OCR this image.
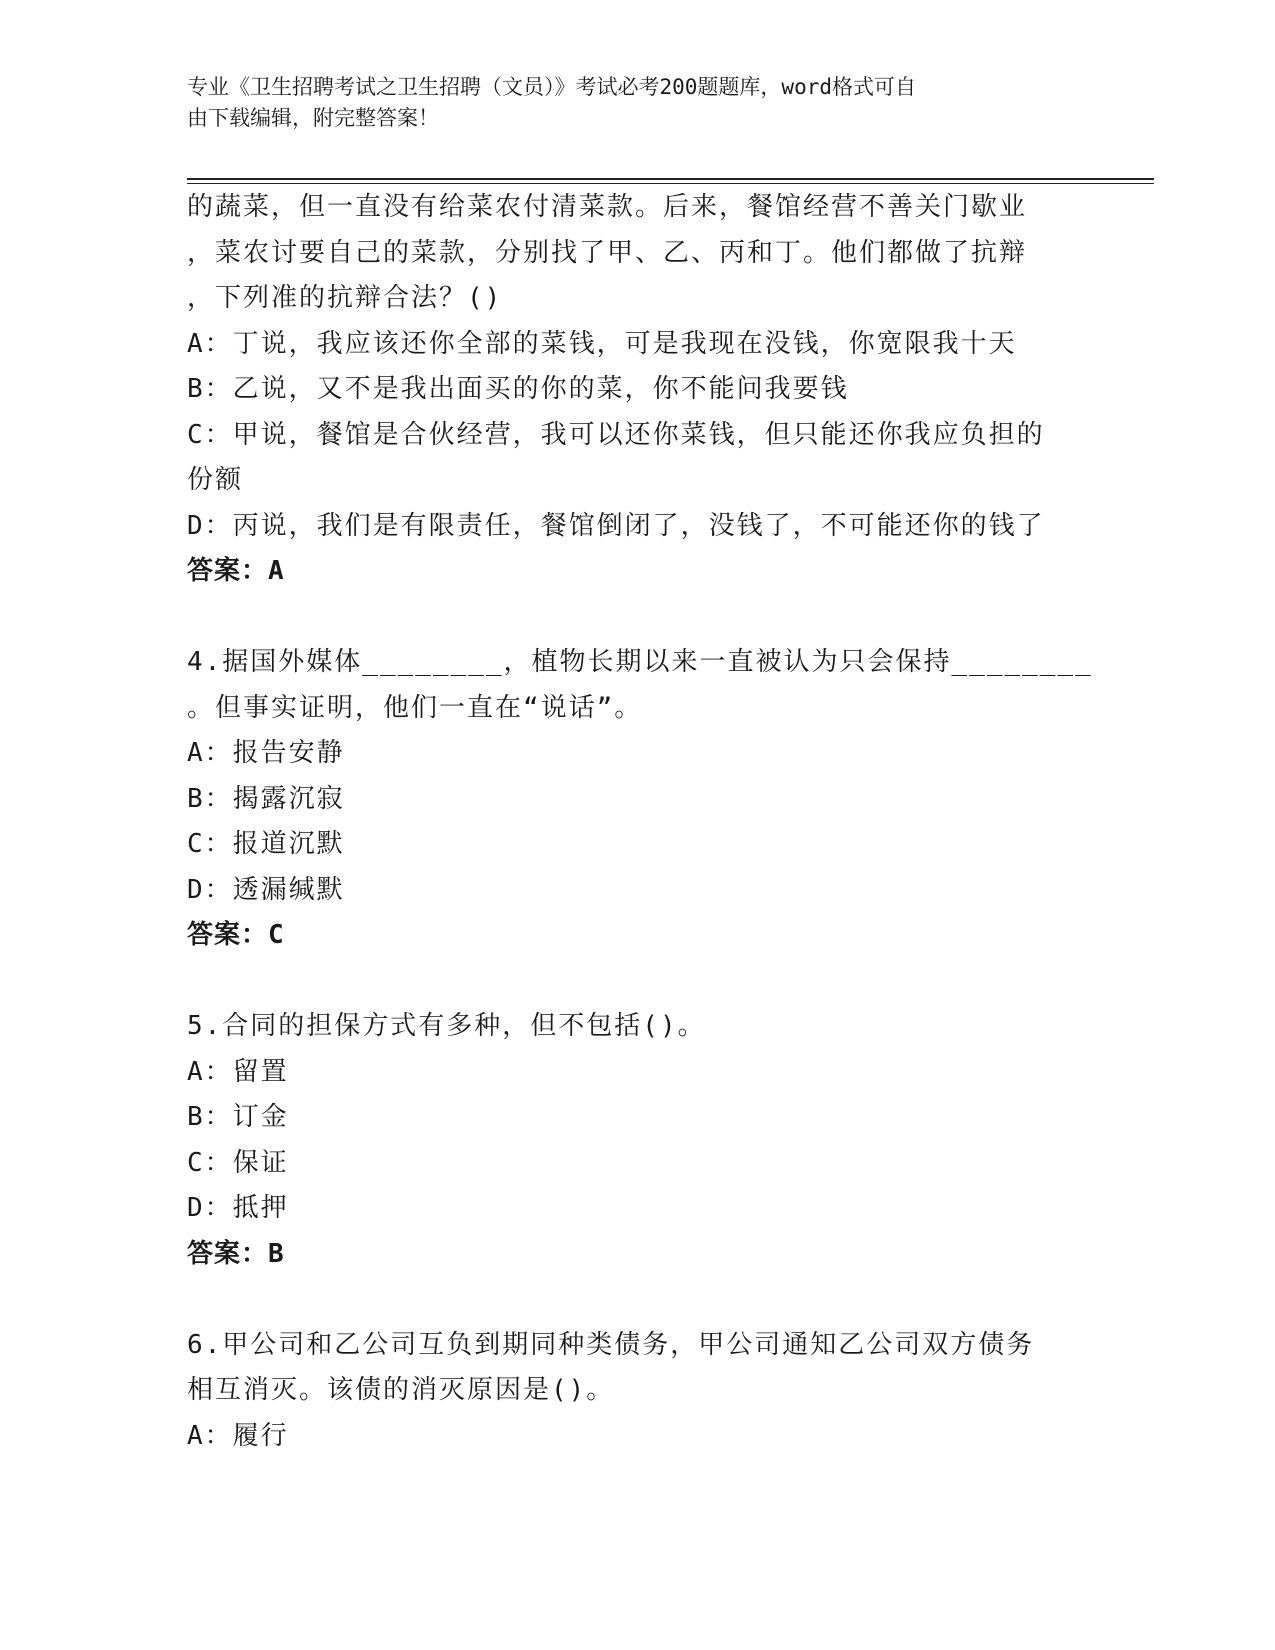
专业《卫生招聘考试之卫生招聘（文员）》考试必考200题题库，word格式可自
由下载编辑，附完整答案！
的蔬菜，但一直没有给菜农付清菜款。后来，餐馆经营不善关门歇业
，菜农讨要自己的菜款，分别找了甲、乙、丙和丁。他们都做了抗辩
，下列准的抗辩合法？()
A：丁说，我应该还你全部的菜钱，可是我现在没钱，你宽限我十天
B：乙说，又不是我出面买的你的菜，你不能问我要钱
C：甲说，餐馆是合伙经营，我可以还你菜钱，但只能还你我应负担的
份额
D：丙说，我们是有限责任，餐馆倒闭了，没钱了，不可能还你的钱了
答案：A
4.据国外媒体________，植物长期以来一直被认为只会保持________
。但事实证明，他们一直在“说话”。
A：报告安静
B：揭露沉寂
C：报道沉默
D：透漏缄默
答案：C
5.合同的担保方式有多种，但不包括()。
A：留置
B：订金
C：保证
D：抵押
答案：B
6.甲公司和乙公司互负到期同种类债务，甲公司通知乙公司双方债务
相互消灭。该债的消灭原因是()。
A：履行
